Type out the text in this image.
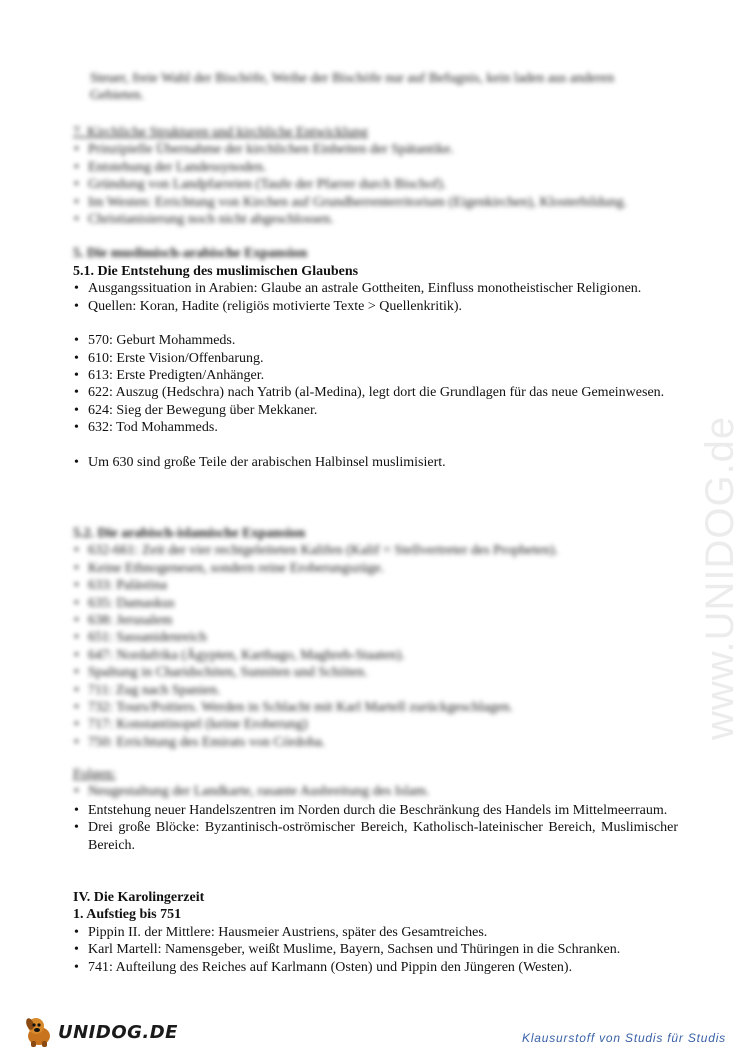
www.UNIDOG.de

Steuer, freie Wahl der Bischöfe, Weihe der Bischöfe nur auf Befugnis, kein laden aus anderen

Gebieten.

7. Kirchliche Strukturen und kirchliche Entwicklung
• Prinzipielle Übernahme der kirchlichen Einheiten der Spätantike.
• Entstehung der Landessynoden.
• Gründung von Landpfarreien (Taufe der Pfarrer durch Bischof).
• Im Westen: Errichtung von Kirchen auf Grundherrenterritorium (Eigenkirchen), Klosterbildung.
• Christianisierung noch nicht abgeschlossen.
5. Die muslimisch-arabische Expansion
5.1. Die Entstehung des muslimischen Glaubens
• Ausgangssituation in Arabien: Glaube an astrale Gottheiten, Einfluss monotheistischer Religionen.
• Quellen: Koran, Hadite (religiös motivierte Texte > Quellenkritik).
• 570: Geburt Mohammeds.
• 610: Erste Vision/Offenbarung.
• 613: Erste Predigten/Anhänger.
• 622: Auszug (Hedschra) nach Yatrib (al-Medina), legt dort die Grundlagen für das neue Gemeinwesen.
• 624: Sieg der Bewegung über Mekkaner.
• 632: Tod Mohammeds.
• Um 630 sind große Teile der arabischen Halbinsel muslimisiert.
5.2. Die arabisch-islamische Expansion
• 632-661: Zeit der vier rechtgeleiteten Kalifen (Kalif = Stellvertreter des Propheten).
• Keine Ethnogenesen, sondern reine Eroberungszüge.
• 633: Palästina
• 635: Damaskus
• 638: Jerusalem
• 651: Sassanidenreich
• 647: Nordafrika (Ägypten, Karthago, Maghreb-Staaten).
• Spaltung in Charidschiten, Sunniten und Schiiten.
• 711: Zug nach Spanien.
• 732: Tours/Poitiers. Werden in Schlacht mit Karl Martell zurückgeschlagen.
• 717: Konstantinopel (keine Eroberung)
• 750: Errichtung des Emirats von Córdoba.
Folgen:
• Neugestaltung der Landkarte, rasante Ausbreitung des Islam.
• Entstehung neuer Handelszentren im Norden durch die Beschränkung des Handels im Mittelmeerraum.
• Drei große Blöcke: Byzantinisch-oströmischer Bereich, Katholisch-lateinischer Bereich, Muslimischer Bereich.
IV. Die Karolingerzeit
1. Aufstieg bis 751
• Pippin II. der Mittlere: Hausmeier Austriens, später des Gesamtreiches.
• Karl Martell: Namensgeber, weißt Muslime, Bayern, Sachsen und Thüringen in die Schranken.
• 741: Aufteilung des Reiches auf Karlmann (Osten) und Pippin den Jüngeren (Westen).
UNIDOG.DE	Klausurstoff von Studis für Studis
